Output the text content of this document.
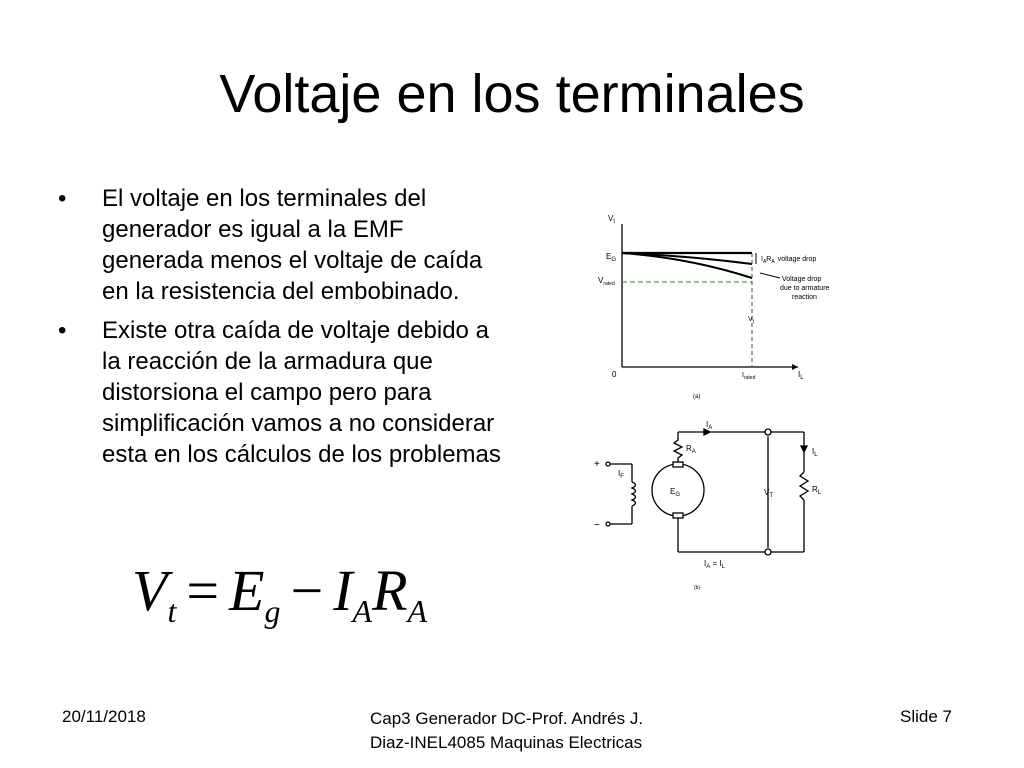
Voltaje en los terminales
• El voltaje en los terminales del generador es igual a la EMF generada menos el voltaje de caída en la resistencia del embobinado.
• Existe otra caída de voltaje debido a la reacción de la armadura que distorsiona el campo pero para simplificación vamos a no considerar esta en los cálculos de los problemas
$V_t = E_g - I_AR_A$
$V_t$
$E_G$
$V_{rated}$
0
$V_t$
$I_{rated}$	$I_L$
$I_AR_A$ voltage drop
Voltage drop
due to armature
reaction
(a)
$I_A$
$R_A$
$I_F$
+
−
$E_G$	$V_T$
$I_L$
$R_L$
$I_A = I_L$
(b)
20/11/2018	Cap3 Generador DC-Prof. Andrés J.
Diaz-INEL4085 Maquinas Electricas
Slide 7
